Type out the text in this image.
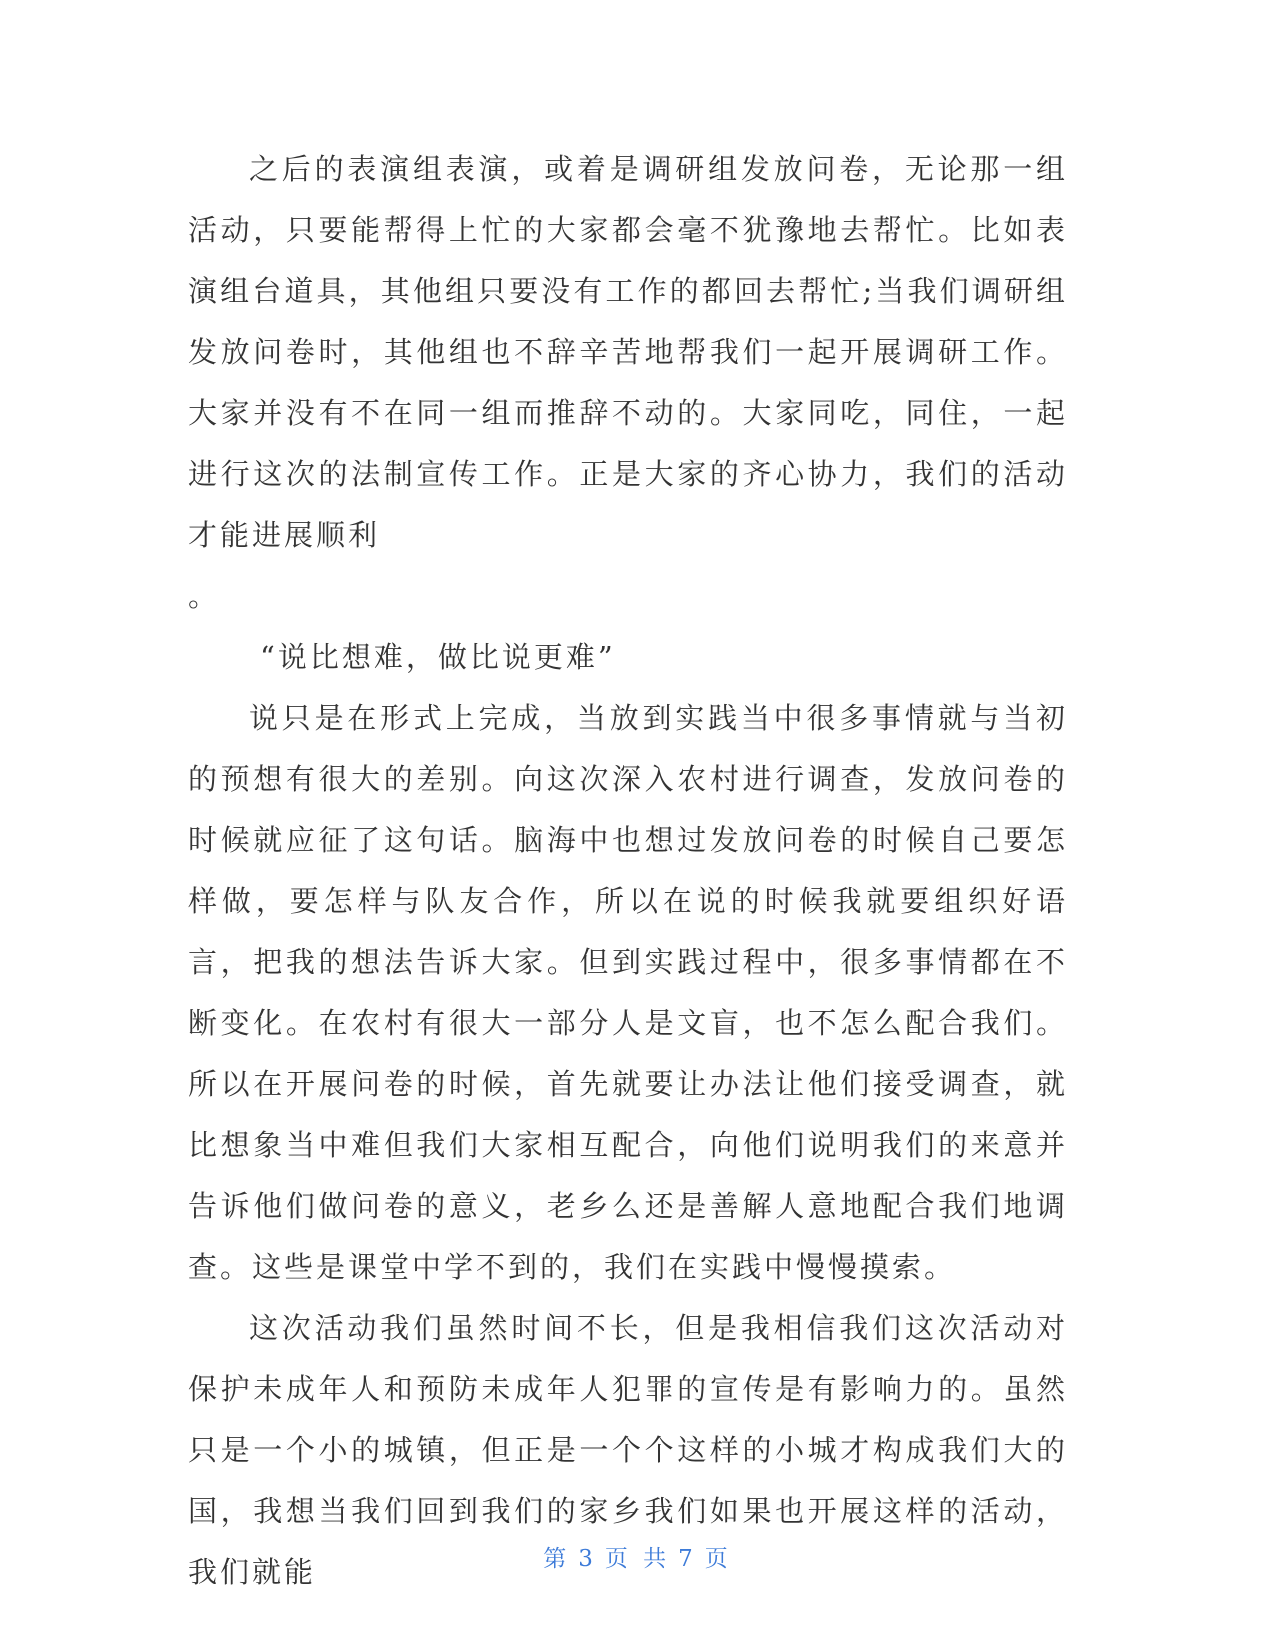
之后的表演组表演，或着是调研组发放问卷，无论那一组活动，只要能帮得上忙的大家都会毫不犹豫地去帮忙。比如表演组台道具，其他组只要没有工作的都回去帮忙;当我们调研组发放问卷时，其他组也不辞辛苦地帮我们一起开展调研工作。大家并没有不在同一组而推辞不动的。大家同吃，同住，一起进行这次的法制宣传工作。正是大家的齐心协力，我们的活动才能进展顺利

。

“说比想难，做比说更难”

说只是在形式上完成，当放到实践当中很多事情就与当初的预想有很大的差别。向这次深入农村进行调查，发放问卷的时候就应征了这句话。脑海中也想过发放问卷的时候自己要怎样做，要怎样与队友合作，所以在说的时候我就要组织好语言，把我的想法告诉大家。但到实践过程中，很多事情都在不断变化。在农村有很大一部分人是文盲，也不怎么配合我们。所以在开展问卷的时候，首先就要让办法让他们接受调查，就比想象当中难但我们大家相互配合，向他们说明我们的来意并告诉他们做问卷的意义，老乡么还是善解人意地配合我们地调查。这些是课堂中学不到的，我们在实践中慢慢摸索。

这次活动我们虽然时间不长，但是我相信我们这次活动对保护未成年人和预防未成年人犯罪的宣传是有影响力的。虽然只是一个小的城镇，但正是一个个这样的小城才构成我们大的国，我想当我们回到我们的家乡我们如果也开展这样的活动，我们就能	第 3 页 共 7 页
